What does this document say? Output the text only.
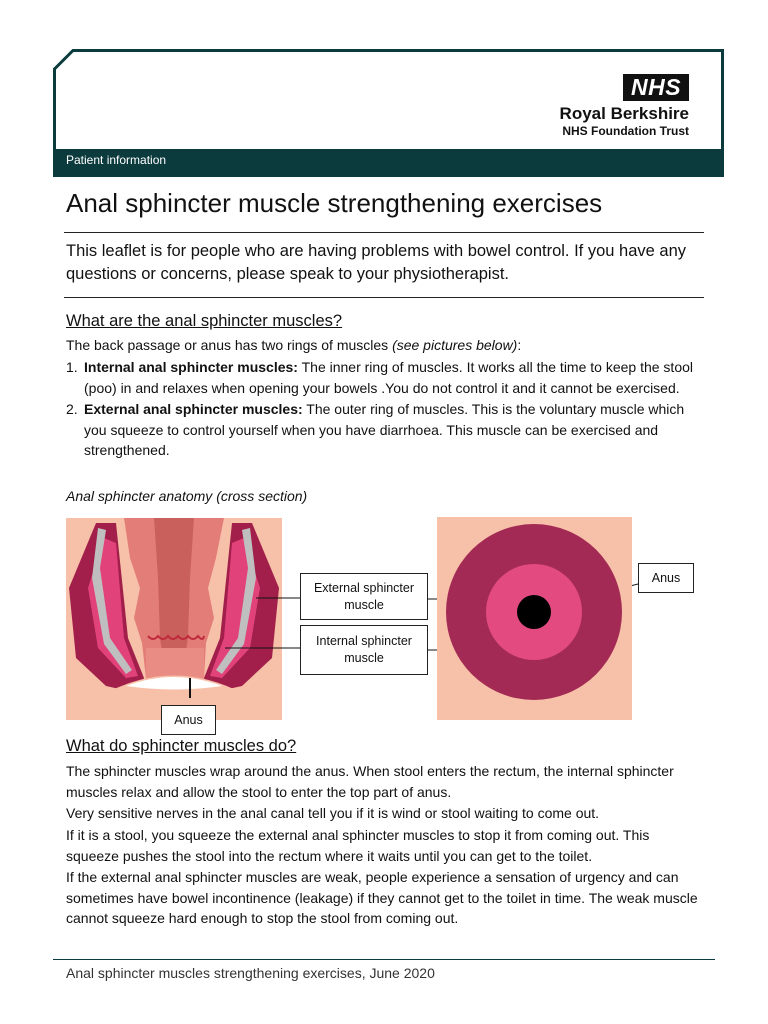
Patient information
NHS
Royal Berkshire
NHS Foundation Trust
Anal sphincter muscle strengthening exercises

This leaflet is for people who are having problems with bowel control. If you have any questions or concerns, please speak to your physiotherapist.

What are the anal sphincter muscles?

The back passage or anus has two rings of muscles (see pictures below):

1. Internal anal sphincter muscles: The inner ring of muscles. It works all the time to keep the stool (poo) in and relaxes when opening your bowels .You do not control it and it cannot be exercised.
2. External anal sphincter muscles: The outer ring of muscles. This is the voluntary muscle which you squeeze to control yourself when you have diarrhoea. This muscle can be exercised and strengthened.
Anal sphincter anatomy (cross section)
Anus
External sphincter muscle
Internal sphincter muscle
Anus
What do sphincter muscles do?

The sphincter muscles wrap around the anus. When stool enters the rectum, the internal sphincter muscles relax and allow the stool to enter the top part of anus.

Very sensitive nerves in the anal canal tell you if it is wind or stool waiting to come out.

If it is a stool, you squeeze the external anal sphincter muscles to stop it from coming out. This squeeze pushes the stool into the rectum where it waits until you can get to the toilet.

If the external anal sphincter muscles are weak, people experience a sensation of urgency and can sometimes have bowel incontinence (leakage) if they cannot get to the toilet in time. The weak muscle cannot squeeze hard enough to stop the stool from coming out.

Anal sphincter muscles strengthening exercises, June 2020
